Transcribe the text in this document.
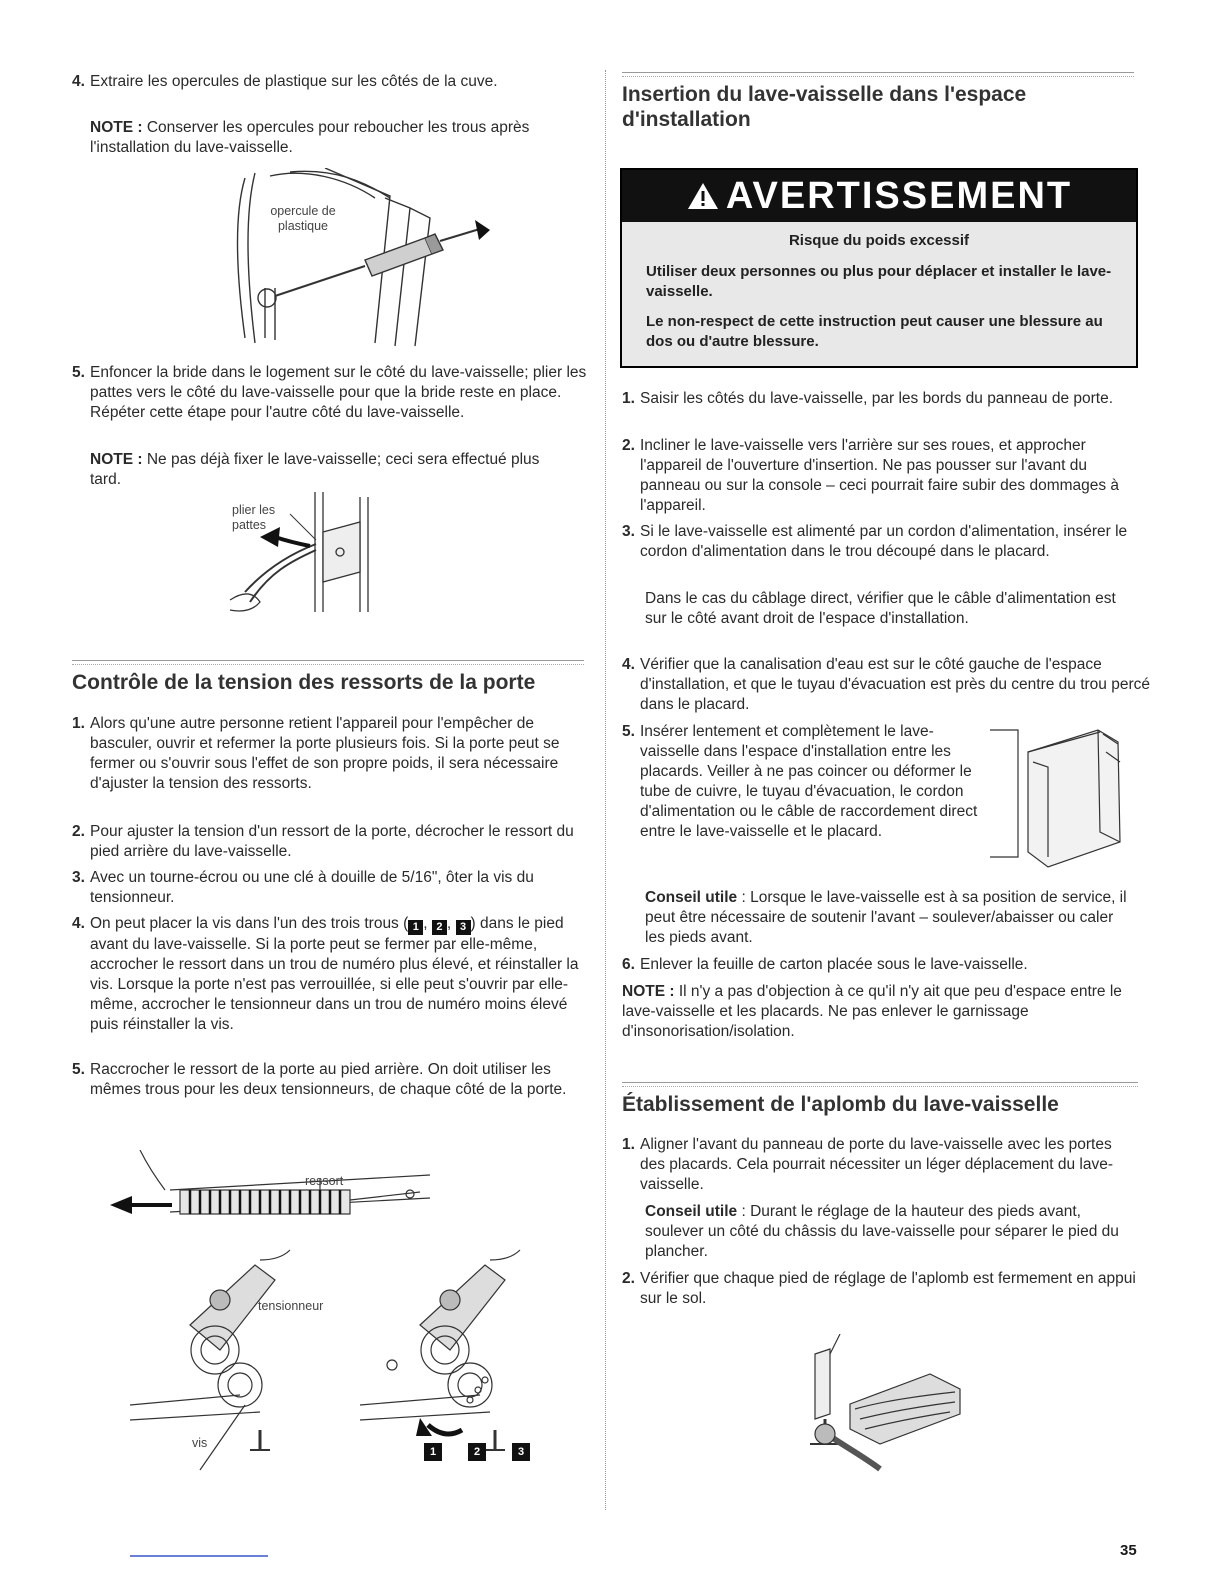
4. Extraire les opercules de plastique sur les côtés de la cuve.
NOTE : Conserver les opercules pour reboucher les trous après l'installation du lave-vaisselle.
opercule de plastique
5. Enfoncer la bride dans le logement sur le côté du lave-vaisselle; plier les pattes vers le côté du lave-vaisselle pour que la bride reste en place. Répéter cette étape pour l'autre côté du lave-vaisselle.
NOTE : Ne pas déjà fixer le lave-vaisselle; ceci sera effectué plus tard.
plier les pattes
Contrôle de la tension des ressorts de la porte
1. Alors qu'une autre personne retient l'appareil pour l'empêcher de basculer, ouvrir et refermer la porte plusieurs fois. Si la porte peut se fermer ou s'ouvrir sous l'effet de son propre poids, il sera nécessaire d'ajuster la tension des ressorts.
2. Pour ajuster la tension d'un ressort de la porte, décrocher le ressort du pied arrière du lave-vaisselle.
3. Avec un tourne-écrou ou une clé à douille de 5/16", ôter la vis du tensionneur.
4. On peut placer la vis dans l'un des trois trous ( 1 , 2 , 3 ) dans le pied avant du lave-vaisselle. Si la porte peut se fermer par elle-même, accrocher le ressort dans un trou de numéro plus élevé, et réinstaller la vis. Lorsque la porte n'est pas verrouillée, si elle peut s'ouvrir par elle-même, accrocher le tensionneur dans un trou de numéro moins élevé puis réinstaller la vis.
5. Raccrocher le ressort de la porte au pied arrière. On doit utiliser les mêmes trous pour les deux tensionneurs, de chaque côté de la porte.
ressort
tensionneur
vis
1	2	3
Insertion du lave-vaisselle dans l'espace d'installation
AVERTISSEMENT
Risque du poids excessif
Utiliser deux personnes ou plus pour déplacer et installer le lave-vaisselle.
Le non-respect de cette instruction peut causer une blessure au dos ou d'autre blessure.
1. Saisir les côtés du lave-vaisselle, par les bords du panneau de porte.
2. Incliner le lave-vaisselle vers l'arrière sur ses roues, et approcher l'appareil de l'ouverture d'insertion. Ne pas pousser sur l'avant du panneau ou sur la console – ceci pourrait faire subir des dommages à l'appareil.
3. Si le lave-vaisselle est alimenté par un cordon d'alimentation, insérer le cordon d'alimentation dans le trou découpé dans le placard.
Dans le cas du câblage direct, vérifier que le câble d'alimentation est sur le côté avant droit de l'espace d'installation.
4. Vérifier que la canalisation d'eau est sur le côté gauche de l'espace d'installation, et que le tuyau d'évacuation est près du centre du trou percé dans le placard.
5. Insérer lentement et complètement le lave-vaisselle dans l'espace d'installation entre les placards. Veiller à ne pas coincer ou déformer le tube de cuivre, le tuyau d'évacuation, le cordon d'alimentation ou le câble de raccordement direct entre le lave-vaisselle et le placard.
Conseil utile : Lorsque le lave-vaisselle est à sa position de service, il peut être nécessaire de soutenir l'avant – soulever/abaisser ou caler les pieds avant.
6. Enlever la feuille de carton placée sous le lave-vaisselle.
NOTE : Il n'y a pas d'objection à ce qu'il n'y ait que peu d'espace entre le lave-vaisselle et les placards. Ne pas enlever le garnissage d'insonorisation/isolation.
Établissement de l'aplomb du lave-vaisselle
1. Aligner l'avant du panneau de porte du lave-vaisselle avec les portes des placards. Cela pourrait nécessiter un léger déplacement du lave-vaisselle.
Conseil utile : Durant le réglage de la hauteur des pieds avant, soulever un côté du châssis du lave-vaisselle pour séparer le pied du plancher.
2. Vérifier que chaque pied de réglage de l'aplomb est fermement en appui sur le sol.
35
